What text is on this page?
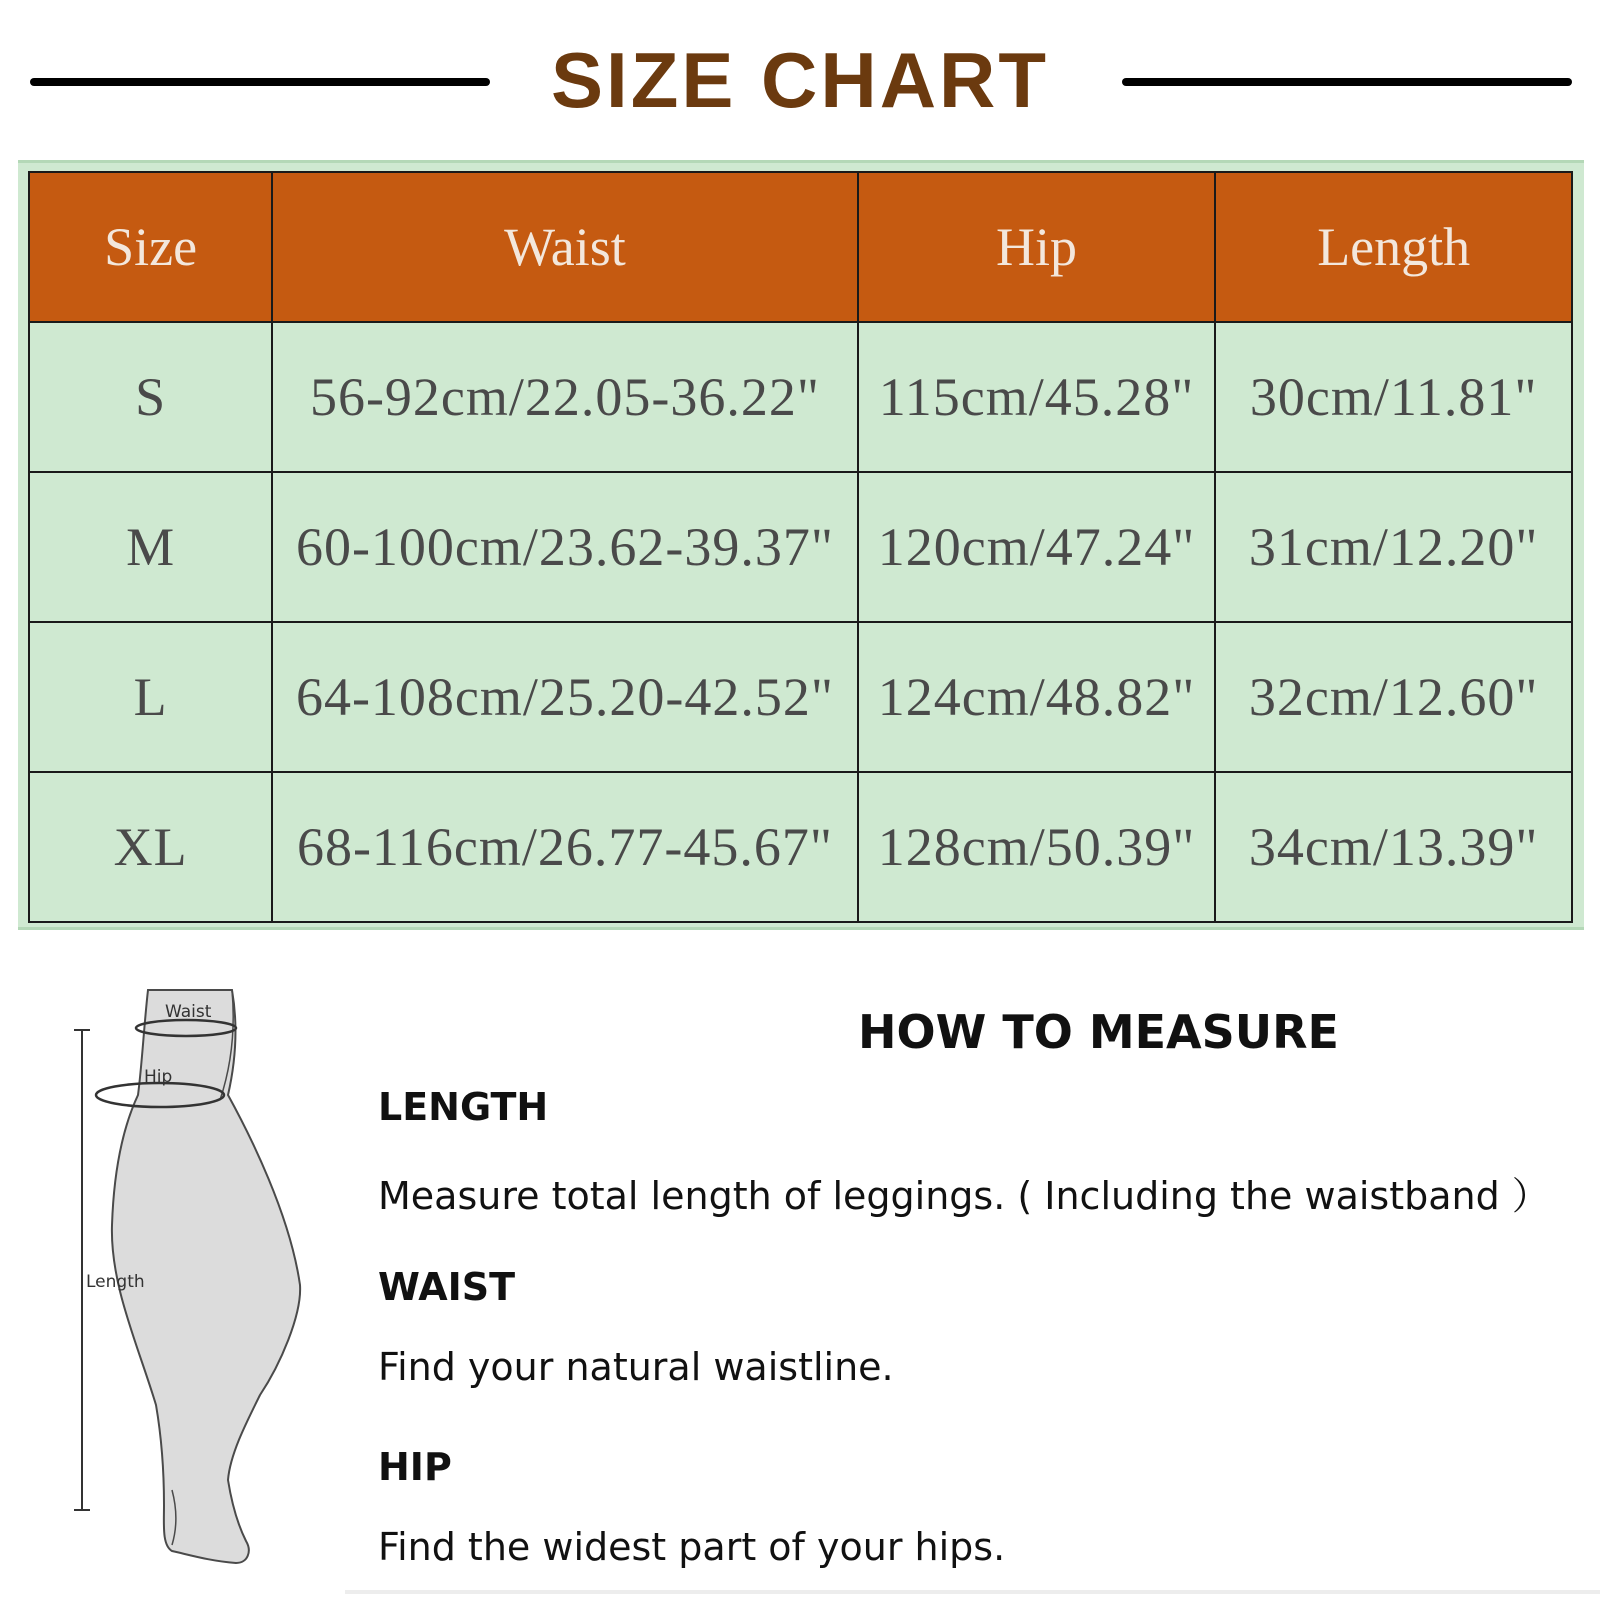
SIZE CHART
Size	Waist	Hip	Length
S	56-92cm/22.05-36.22"	115cm/45.28"	30cm/11.81"
M	60-100cm/23.62-39.37"	120cm/47.24"	31cm/12.20"
L	64-108cm/25.20-42.52"	124cm/48.82"	32cm/12.60"
XL	68-116cm/26.77-45.67"	128cm/50.39"	34cm/13.39"
Waist
Hip
Length
HOW TO MEASURE
LENGTH
Measure total length of leggings. ( Including the waistband ）
WAIST
Find your natural waistline.
HIP
Find the widest part of your hips.
